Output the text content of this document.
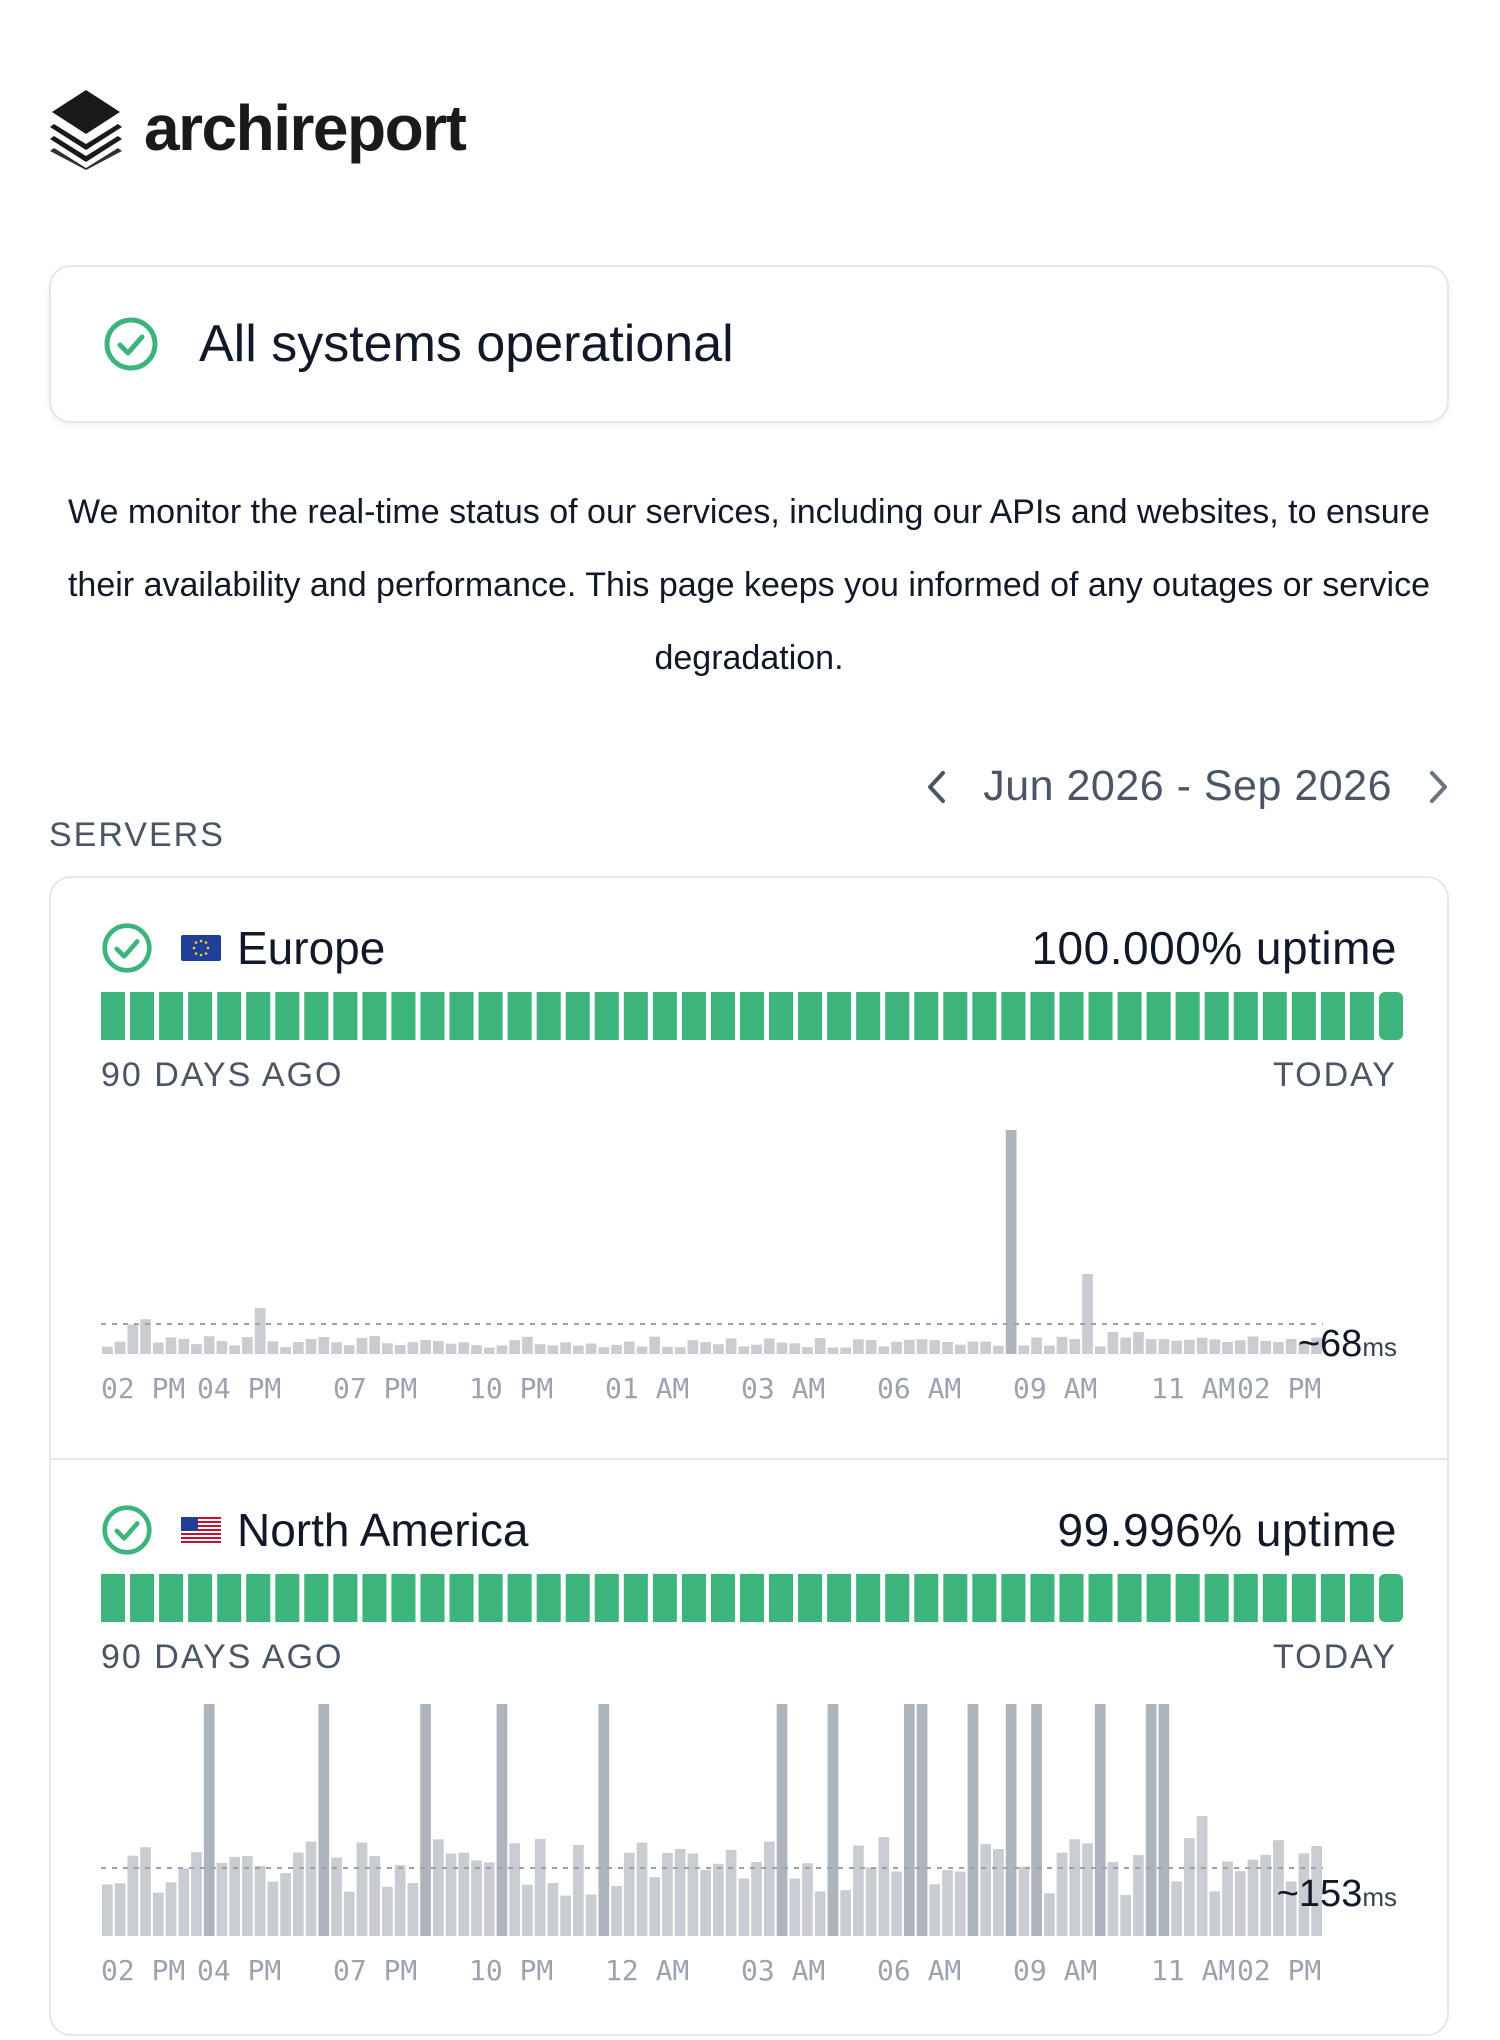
archireport
All systems operational
We monitor the real-time status of our services, including our APIs and websites, to ensure their availability and performance. This page keeps you informed of any outages or service degradation.
Jun 2026 - Sep 2026
SERVERS
Europe	100.000% uptime
90 DAYS AGO	TODAY
~68ms
02 PM 04 PM 07 PM 10 PM 01 AM 03 AM 06 AM 09 AM 11 AM 02 PM
North America	99.996% uptime
90 DAYS AGO	TODAY
~153ms
02 PM 04 PM 07 PM 10 PM 12 AM 03 AM 06 AM 09 AM 11 AM 02 PM
